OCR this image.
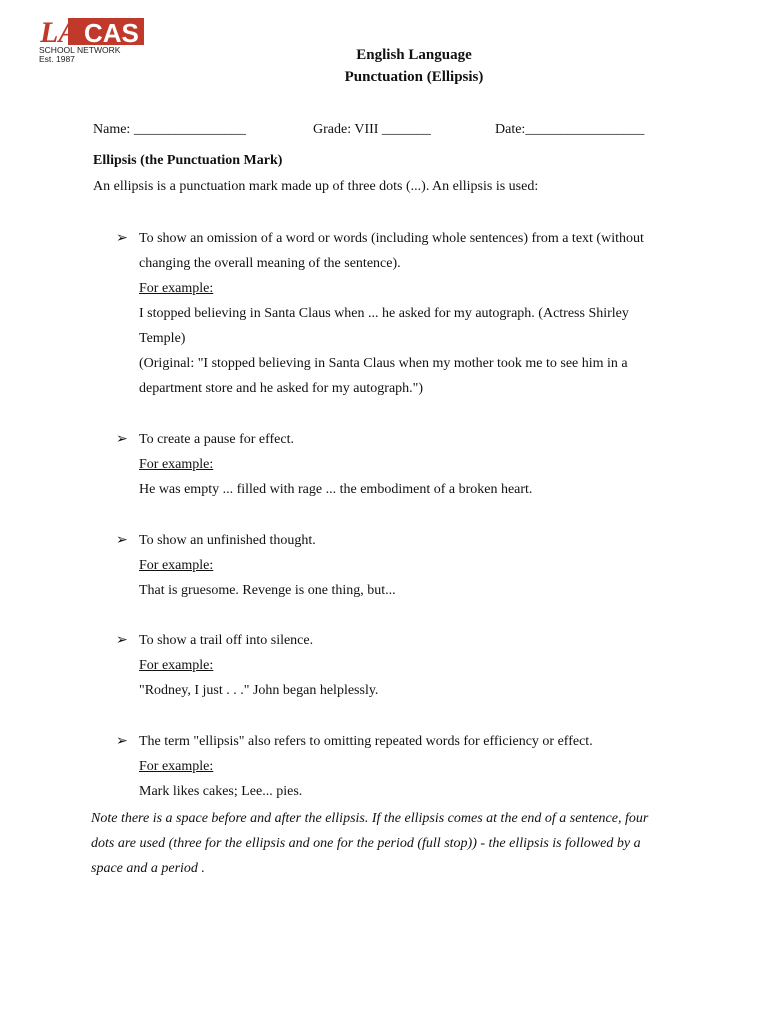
LA CAS
SCHOOL NETWORK
Est. 1987	English Language
Punctuation (Ellipsis)
Name: ________________	Grade: VIII _______	Date:_________________
Ellipsis (the Punctuation Mark)
An ellipsis is a punctuation mark made up of three dots (...). An ellipsis is used:
➢ To show an omission of a word or words (including whole sentences) from a text (without changing the overall meaning of the sentence).

For example:

I stopped believing in Santa Claus when ... he asked for my autograph. (Actress Shirley Temple)

(Original: "I stopped believing in Santa Claus when my mother took me to see him in a department store and he asked for my autograph.")

➢ To create a pause for effect.

For example:

He was empty ... filled with rage ... the embodiment of a broken heart.

➢ To show an unfinished thought.

For example:

That is gruesome. Revenge is one thing, but...

➢ To show a trail off into silence.

For example:

"Rodney, I just . . ." John began helplessly.

➢ The term "ellipsis" also refers to omitting repeated words for efficiency or effect.

For example:

Mark likes cakes; Lee... pies.

Note there is a space before and after the ellipsis. If the ellipsis comes at the end of a sentence, four dots are used (three for the ellipsis and one for the period (full stop)) - the ellipsis is followed by a space and a period .
